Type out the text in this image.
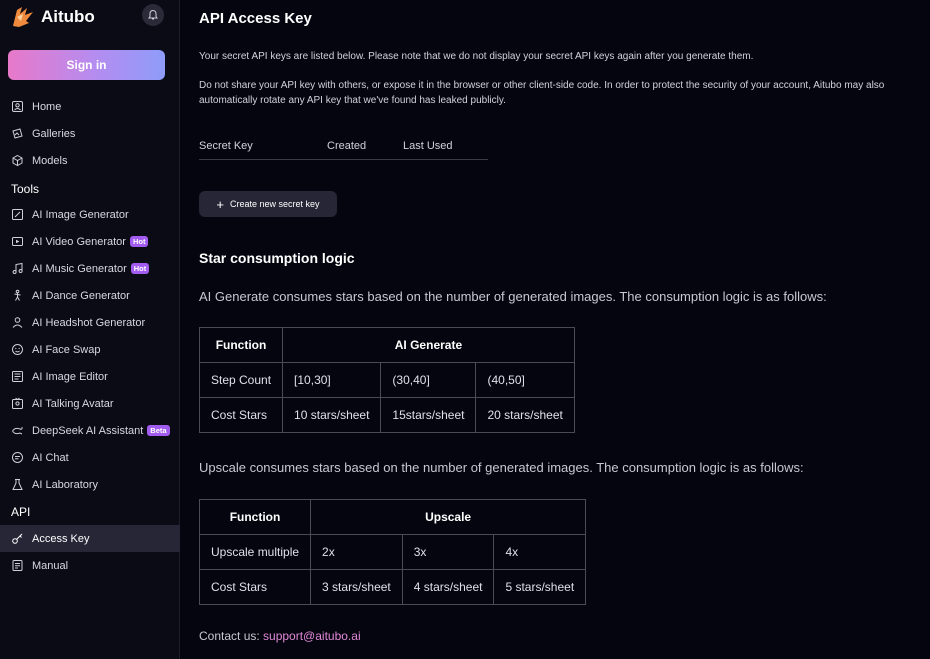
Aitubo
Sign in
Home
Galleries
Models
Tools
AI Image Generator
AI Video Generator Hot
AI Music Generator Hot
AI Dance Generator
AI Headshot Generator
AI Face Swap
AI Image Editor
AI Talking Avatar
DeepSeek AI Assistant Beta
AI Chat
AI Laboratory
API
Access Key
Manual
API Access Key
Your secret API keys are listed below. Please note that we do not display your secret API keys again after you generate them.
Do not share your API key with others, or expose it in the browser or other client-side code. In order to protect the security of your account, Aitubo may also automatically rotate any API key that we've found has leaked publicly.
Secret Key	Created	Last Used
+ Create new secret key
Star consumption logic
AI Generate consumes stars based on the number of generated images. The consumption logic is as follows:
Function	AI Generate		
Step Count	[10,30]	(30,40]	(40,50]
Cost Stars	10 stars/sheet	15stars/sheet	20 stars/sheet
Upscale consumes stars based on the number of generated images. The consumption logic is as follows:
Function	Upscale		
Upscale multiple	2x	3x	4x
Cost Stars	3 stars/sheet	4 stars/sheet	5 stars/sheet
Contact us: support@aitubo.ai
